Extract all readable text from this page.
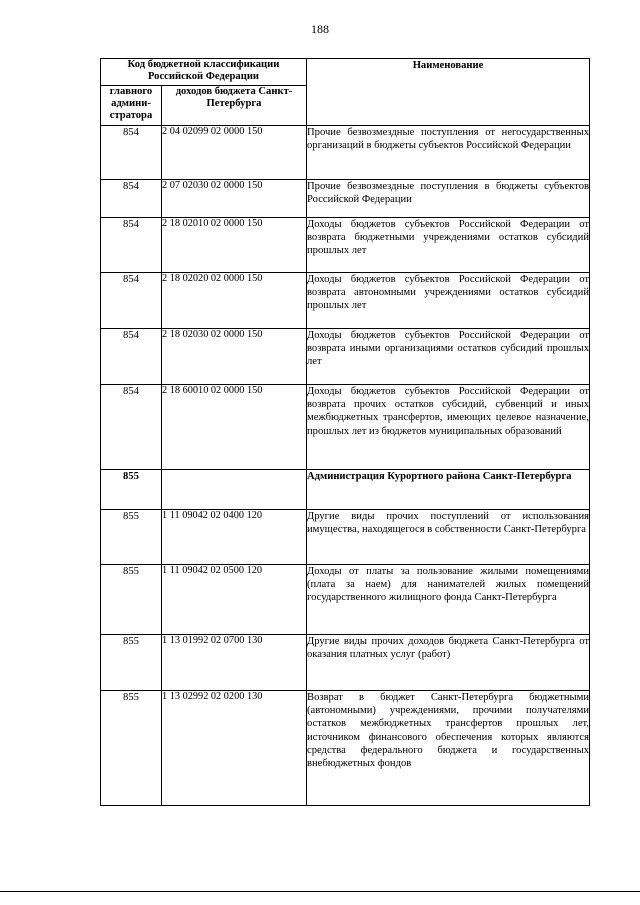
188
Код бюджетной классификации Российской Федерации		Наименование
главного админи-стратора	доходов бюджета Санкт-Петербурга	
854	2 04 02099 02 0000 150	Прочие безвозмездные поступления от негосударственных организаций в бюджеты субъектов Российской Федерации
854	2 07 02030 02 0000 150	Прочие безвозмездные поступления в бюджеты субъектов Российской Федерации
854	2 18 02010 02 0000 150	Доходы бюджетов субъектов Российской Федерации от возврата бюджетными учреждениями остатков субсидий прошлых лет
854	2 18 02020 02 0000 150	Доходы бюджетов субъектов Российской Федерации от возврата автономными учреждениями остатков субсидий прошлых лет
854	2 18 02030 02 0000 150	Доходы бюджетов субъектов Российской Федерации от возврата иными организациями остатков субсидий прошлых лет
854	2 18 60010 02 0000 150	Доходы бюджетов субъектов Российской Федерации от возврата прочих остатков субсидий, субвенций и иных межбюджетных трансфертов, имеющих целевое назначение, прошлых лет из бюджетов муниципальных образований
855		Администрация Курортного района Санкт-Петербурга
855	1 11 09042 02 0400 120	Другие виды прочих поступлений от использования имущества, находящегося в собственности Санкт-Петербурга
855	1 11 09042 02 0500 120	Доходы от платы за пользование жилыми помещениями (плата за наем) для нанимателей жилых помещений государственного жилищного фонда Санкт-Петербурга
855	1 13 01992 02 0700 130	Другие виды прочих доходов бюджета Санкт-Петербурга от оказания платных услуг (работ)
855	1 13 02992 02 0200 130	Возврат в бюджет Санкт-Петербурга бюджетными (автономными) учреждениями, прочими получателями остатков межбюджетных трансфертов прошлых лет, источником финансового обеспечения которых являются средства федерального бюджета и государственных внебюджетных фондов
